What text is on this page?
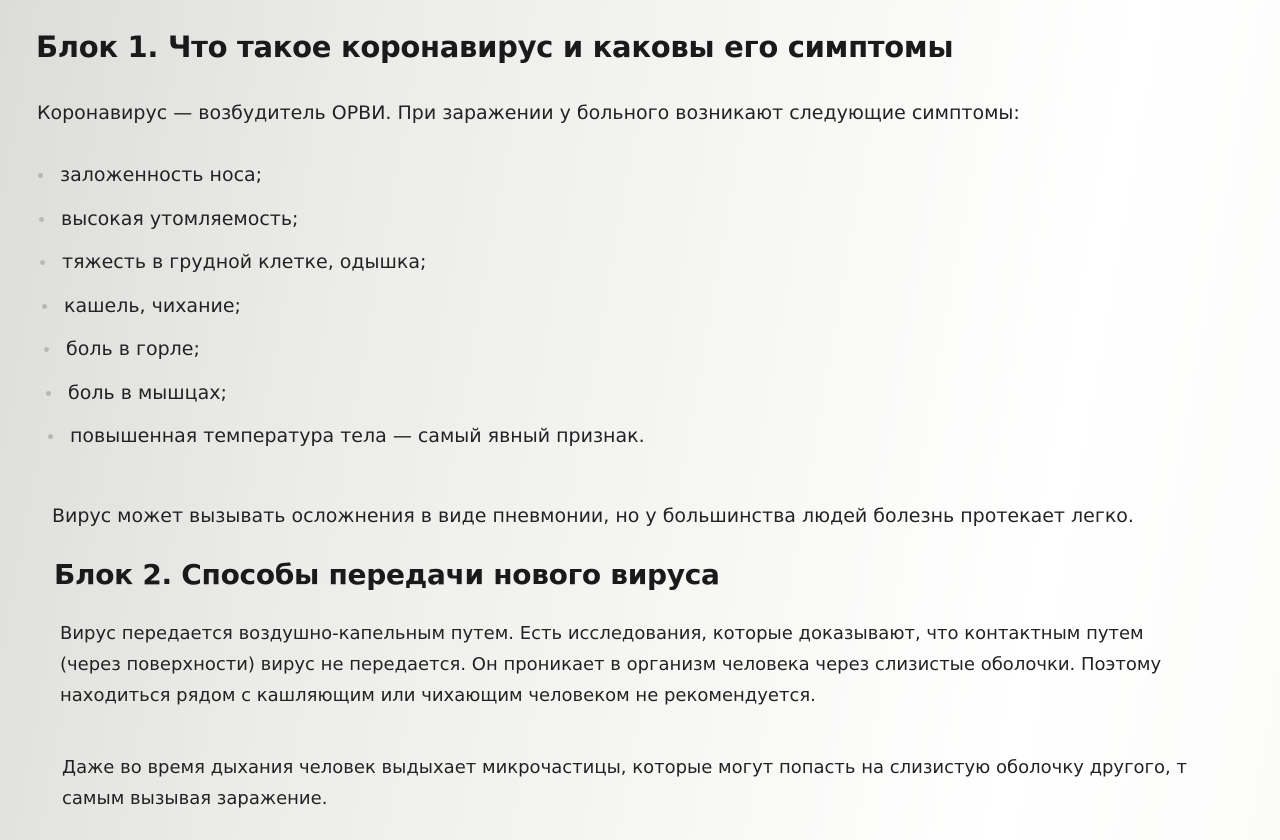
Блок 1. Что такое коронавирус и каковы его симптомы

Коронавирус — возбудитель ОРВИ. При заражении у больного возникают следующие симптомы:

заложенность носа;
высокая утомляемость;
тяжесть в грудной клетке, одышка;
кашель, чихание;
боль в горле;
боль в мышцах;
повышенная температура тела — самый явный признак.

Вирус может вызывать осложнения в виде пневмонии, но у большинства людей болезнь протекает легко.

Блок 2. Способы передачи нового вируса
Вирус передается воздушно-капельным путем. Есть исследования, которые доказывают, что контактным путем
(через поверхности) вирус не передается. Он проникает в организм человека через слизистые оболочки. Поэтому
находиться рядом с кашляющим или чихающим человеком не рекомендуется.
Даже во время дыхания человек выдыхает микрочастицы, которые могут попасть на слизистую оболочку другого, т
самым вызывая заражение.
